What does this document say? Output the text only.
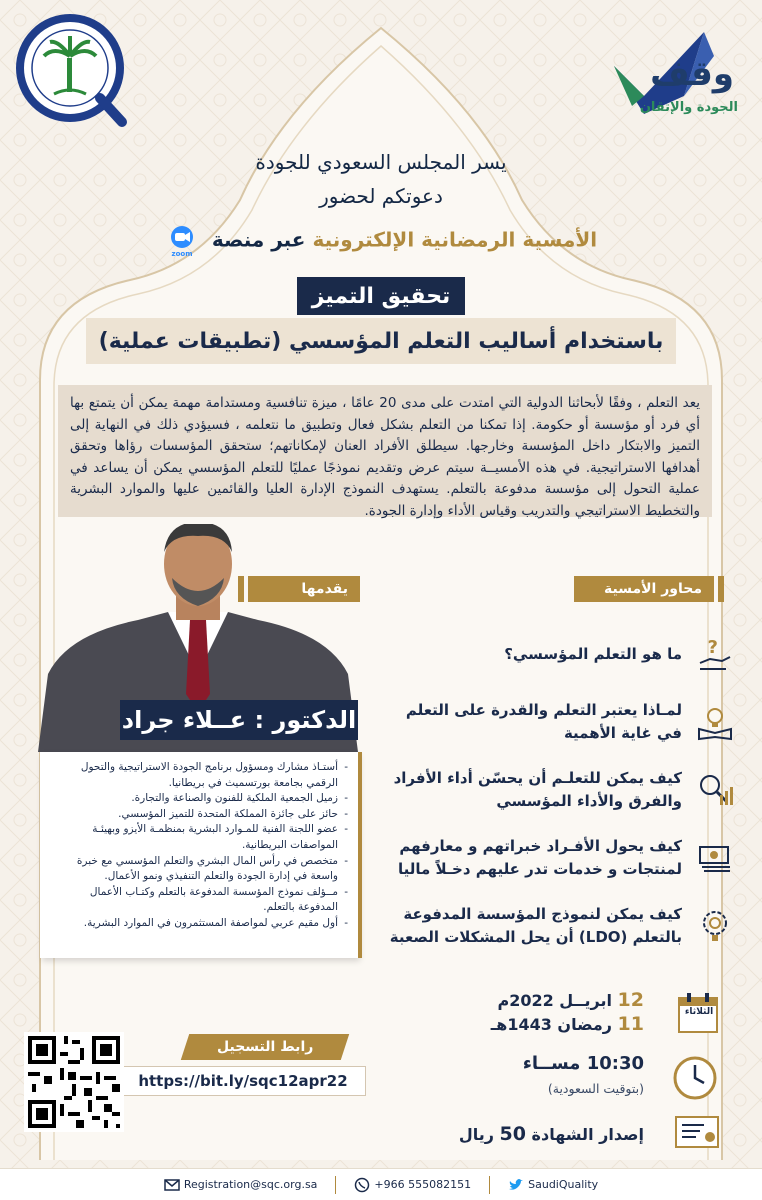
وقف
الجودة والإتقان
يسر المجلس السعودي للجودة
دعوتكم لحضور
الأمسية الرمضانية الإلكترونية عبر منصة
zoom
تحقيق التميز
باستخدام أساليب التعلم المؤسسي (تطبيقات عملية)
يعد التعلم ، وفقًا لأبحاثنا الدولية التي امتدت على مدى 20 عامًا ، ميزة تنافسية ومستدامة مهمة يمكن أن يتمتع بها أي فرد أو مؤسسة أو حكومة. إذا تمكنا من التعلم بشكل فعال وتطبيق ما نتعلمه ، فسيؤدي ذلك في النهاية إلى التميز والابتكار داخل المؤسسة وخارجها. سيطلق الأفراد العنان لإمكاناتهم؛ ستحقق المؤسسات رؤاها وتحقق أهدافها الاستراتيجية. في هذه الأمسيــة سيتم عرض وتقديم نموذجًا عمليًا للتعلم المؤسسي يمكن أن يساعد في عملية التحول إلى مؤسسة مدفوعة بالتعلم. يستهدف النموذج الإدارة العليا والقائمين عليها والموارد البشرية والتخطيط الاستراتيجي والتدريب وقياس الأداء وإدارة الجودة.
محاور الأمسية
يقدمها
الدكتور : عــلاء جراد
- أستـاذ مشارك ومسؤول برنامج الجودة الاستراتيجية والتحول الرقمي بجامعة بورتسميث في بريطانيا.
- زميل الجمعية الملكية للفنون والصناعة والتجارة.
- حائز على جائزة المملكة المتحدة للتميز المؤسسي.
- عضو اللجنة الفنية للمـوارد البشرية بمنظمـة الأيزو وبهيئـة المواصفات البريطانية.
- متخصص في رأس المال البشري والتعلم المؤسسي مع خبرة واسعة في إدارة الجودة والتعلم التنفيذي ونمو الأعمال.
- مــؤلف نموذج المؤسسة المدفوعة بالتعلم وكتـاب الأعمال المدفوعة بالتعلم.
- أول مقيم عربي لمواصفة المستثمرون في الموارد البشرية.
?
ما هو التعلم المؤسسي؟
لمـاذا يعتبر التعلم والقدرة على التعلم في غاية الأهمية
كيف يمكن للتعلـم أن يحسّن أداء الأفراد والفرق والأداء المؤسسي
كيف يحول الأفـراد خبراتهم و معارفهم لمنتجات و خدمات تدر عليهم دخـلاً ماليا
كيف يمكن لنموذج المؤسسة المدفوعة بالتعلم (LDO) أن يحل المشكلات الصعبة
الثلاثاء
12 ابريــل 2022م
11 رمضان 1443هـ
10:30 مســاء
(بتوقيت السعودية)
إصدار الشهادة 50 ريال
رابط التسجيل
https://bit.ly/sqc12apr22
Registration@sqc.org.sa	+966 555082151	SaudiQuality
